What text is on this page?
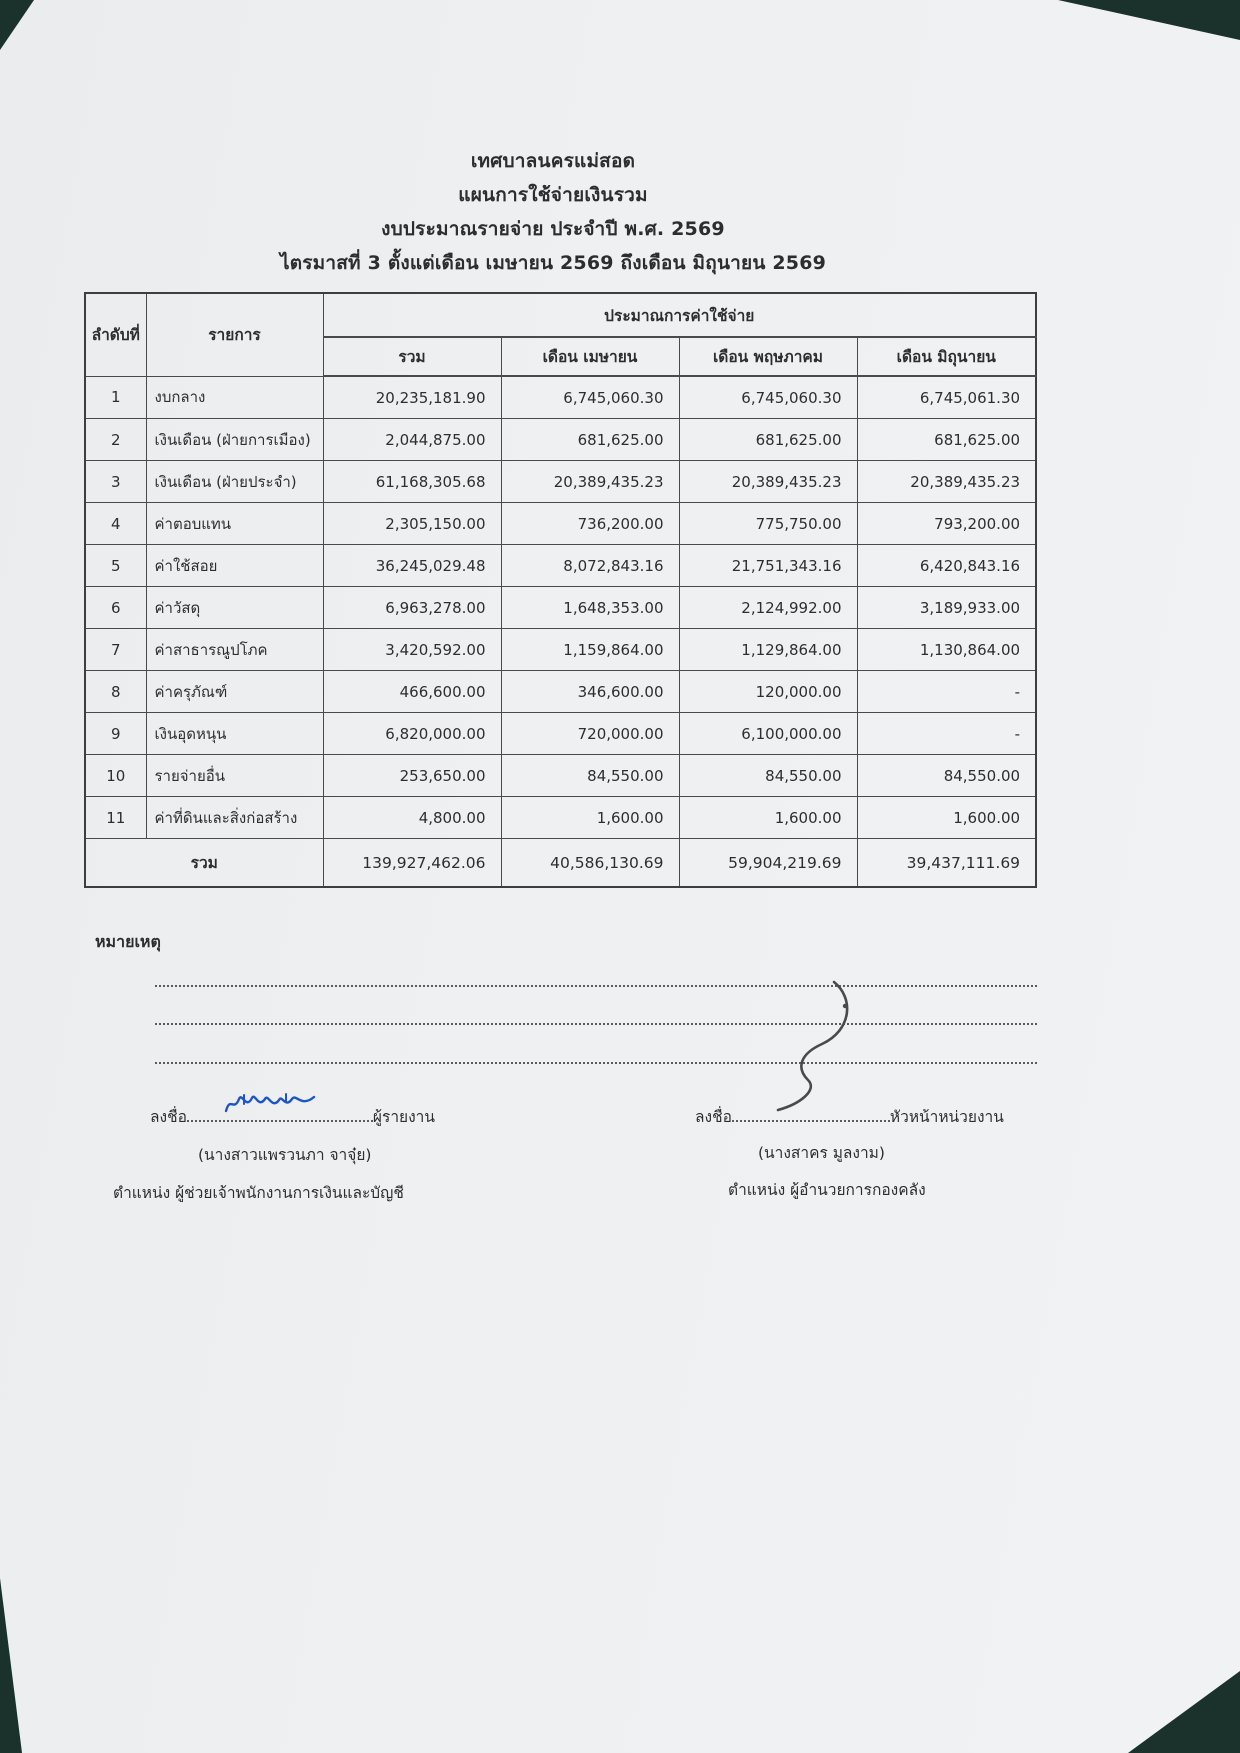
เทศบาลนครแม่สอด
แผนการใช้จ่ายเงินรวม
งบประมาณรายจ่าย ประจำปี พ.ศ. 2569
ไตรมาสที่ 3 ตั้งแต่เดือน เมษายน 2569 ถึงเดือน มิถุนายน 2569
ลำดับที่	รายการ	ประมาณการค่าใช้จ่าย			
		รวม	เดือน เมษายน	เดือน พฤษภาคม	เดือน มิถุนายน
1	งบกลาง	20,235,181.90	6,745,060.30	6,745,060.30	6,745,061.30
2	เงินเดือน (ฝ่ายการเมือง)	2,044,875.00	681,625.00	681,625.00	681,625.00
3	เงินเดือน (ฝ่ายประจำ)	61,168,305.68	20,389,435.23	20,389,435.23	20,389,435.23
4	ค่าตอบแทน	2,305,150.00	736,200.00	775,750.00	793,200.00
5	ค่าใช้สอย	36,245,029.48	8,072,843.16	21,751,343.16	6,420,843.16
6	ค่าวัสดุ	6,963,278.00	1,648,353.00	2,124,992.00	3,189,933.00
7	ค่าสาธารณูปโภค	3,420,592.00	1,159,864.00	1,129,864.00	1,130,864.00
8	ค่าครุภัณฑ์	466,600.00	346,600.00	120,000.00	-
9	เงินอุดหนุน	6,820,000.00	720,000.00	6,100,000.00	-
10	รายจ่ายอื่น	253,650.00	84,550.00	84,550.00	84,550.00
11	ค่าที่ดินและสิ่งก่อสร้าง	4,800.00	1,600.00	1,600.00	1,600.00
รวม		139,927,462.06	40,586,130.69	59,904,219.69	39,437,111.69
หมายเหตุ
ลงชื่อ	ผู้รายงาน
(นางสาวแพรวนภา จาจุ๋ย)
ตำแหน่ง ผู้ช่วยเจ้าพนักงานการเงินและบัญชี
ลงชื่อ	หัวหน้าหน่วยงาน
(นางสาคร มูลงาม)
ตำแหน่ง ผู้อำนวยการกองคลัง
